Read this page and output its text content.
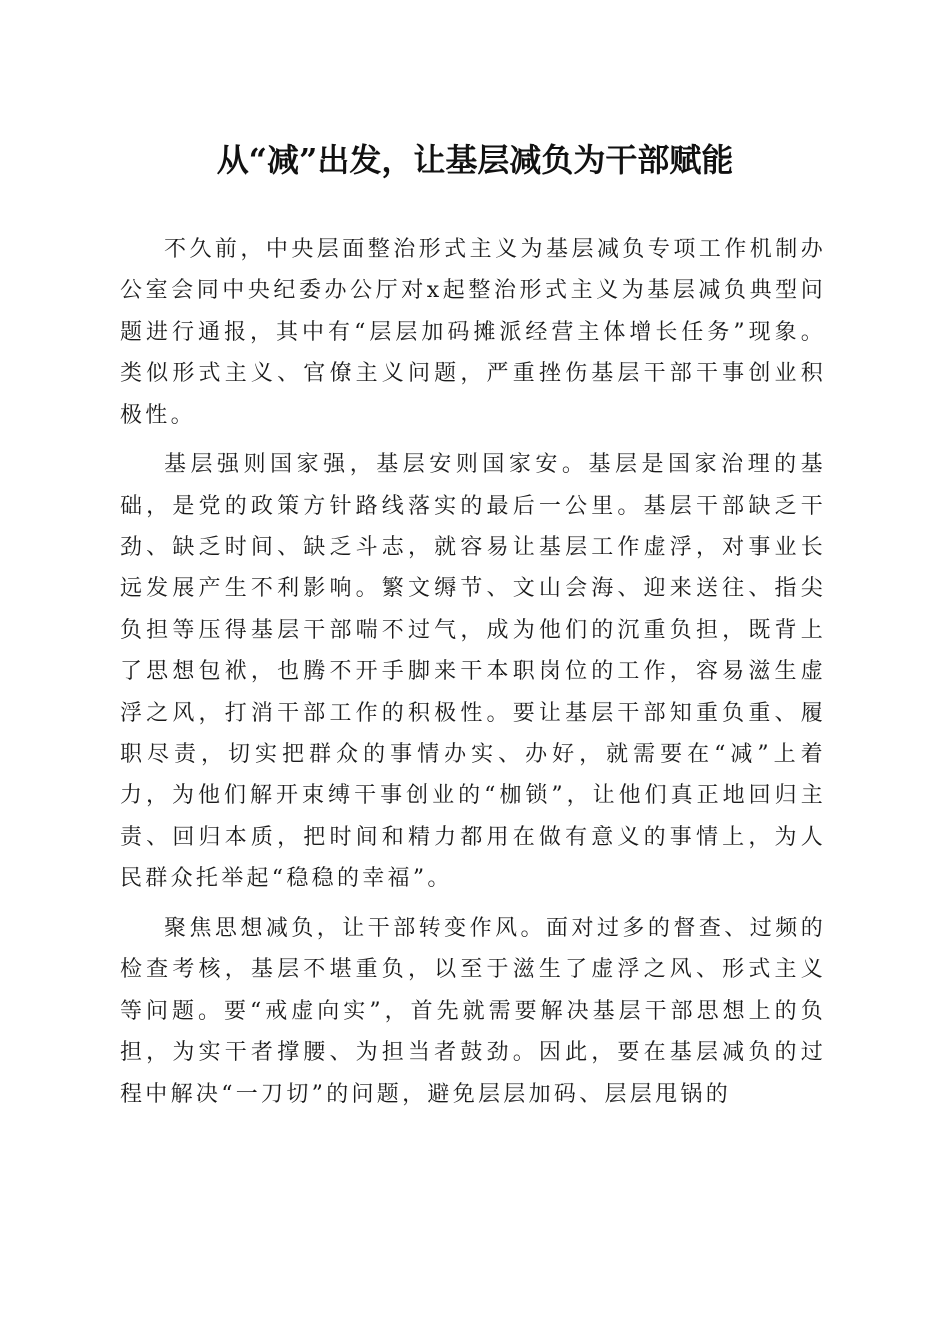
从“减”出发，让基层减负为干部赋能

不久前，中央层面整治形式主义为基层减负专项工作机制办公室会同中央纪委办公厅对x起整治形式主义为基层减负典型问题进行通报，其中有“层层加码摊派经营主体增长任务”现象。类似形式主义、官僚主义问题，严重挫伤基层干部干事创业积极性。

基层强则国家强，基层安则国家安。基层是国家治理的基础，是党的政策方针路线落实的最后一公里。基层干部缺乏干劲、缺乏时间、缺乏斗志，就容易让基层工作虚浮，对事业长远发展产生不利影响。繁文缛节、文山会海、迎来送往、指尖负担等压得基层干部喘不过气，成为他们的沉重负担，既背上了思想包袱，也腾不开手脚来干本职岗位的工作，容易滋生虚浮之风，打消干部工作的积极性。要让基层干部知重负重、履职尽责，切实把群众的事情办实、办好，就需要在“减”上着力，为他们解开束缚干事创业的“枷锁”，让他们真正地回归主责、回归本质，把时间和精力都用在做有意义的事情上，为人民群众托举起“稳稳的幸福”。

聚焦思想减负，让干部转变作风。面对过多的督查、过频的检查考核，基层不堪重负，以至于滋生了虚浮之风、形式主义等问题。要“戒虚向实”，首先就需要解决基层干部思想上的负担，为实干者撑腰、为担当者鼓劲。因此，要在基层减负的过程中解决“一刀切”的问题，避免层层加码、层层甩锅的
